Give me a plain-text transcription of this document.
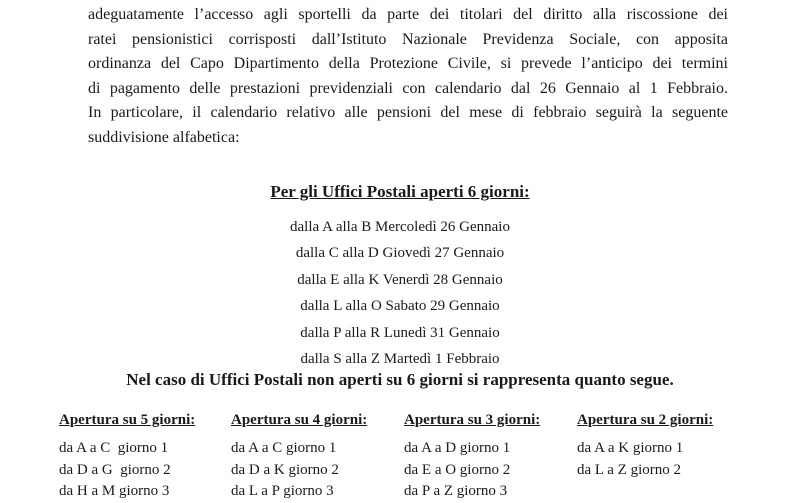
adeguatamente l’accesso agli sportelli da parte dei titolari del diritto alla riscossione dei
ratei pensionistici corrisposti dall’Istituto Nazionale Previdenza Sociale, con apposita
ordinanza del Capo Dipartimento della Protezione Civile, si prevede l’anticipo dei termini
di pagamento delle prestazioni previdenziali con calendario dal 26 Gennaio al 1 Febbraio.
In particolare, il calendario relativo alle pensioni del mese di febbraio seguirà la seguente
suddivisione alfabetica:
Per gli Uffici Postali aperti 6 giorni:
dalla A alla B Mercoledì 26 Gennaio
dalla C alla D Giovedì 27 Gennaio
dalla E alla K Venerdì 28 Gennaio
dalla L alla O Sabato 29 Gennaio
dalla P alla R Lunedì 31 Gennaio
dalla S alla Z Martedì 1 Febbraio

Nel caso di Uffici Postali non aperti su 6 giorni si rappresenta quanto segue.

Apertura su 5 giorni:
da A a C  giorno 1
da D a G  giorno 2
da H a M giorno 3
Apertura su 4 giorni:
da A a C giorno 1
da D a K giorno 2
da L a P giorno 3
Apertura su 3 giorni:
da A a D giorno 1
da E a O giorno 2
da P a Z giorno 3
Apertura su 2 giorni:
da A a K giorno 1
da L a Z giorno 2
